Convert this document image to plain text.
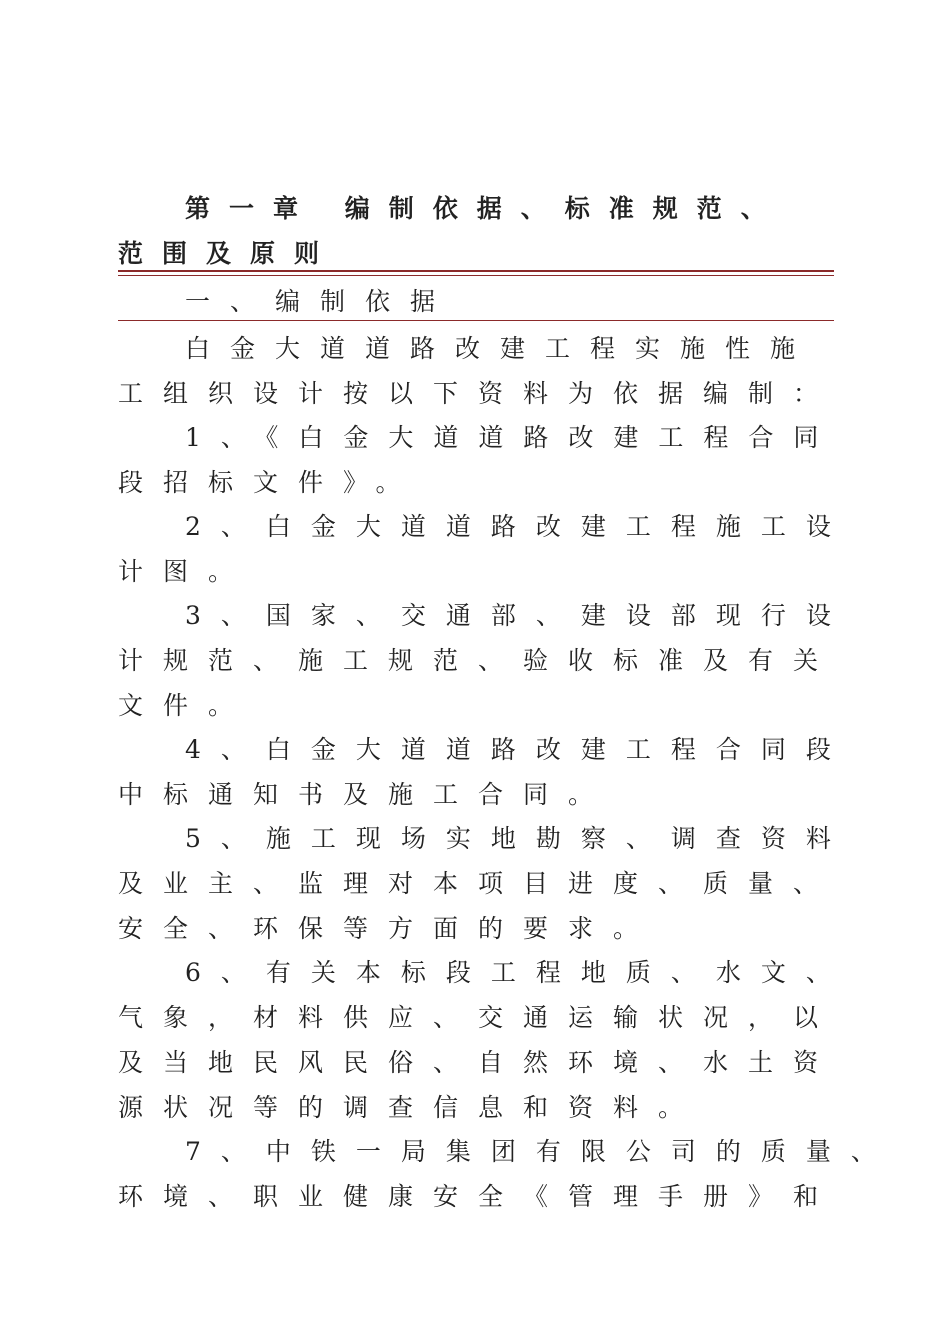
第一章 编制依据、标准规范、
范围及原则
一、编制依据
白金大道道路改建工程实施性施
工组织设计按以下资料为依据编制：
1、《白金大道道路改建工程合同
段招标文件》。
2、白金大道道路改建工程施工设
计图。
3、国家、交通部、建设部现行设
计规范、施工规范、验收标准及有关
文件。
4、白金大道道路改建工程合同段
中标通知书及施工合同。
5、施工现场实地勘察、调查资料
及业主、监理对本项目进度、质量、
安全、环保等方面的要求。
6、有关本标段工程地质、水文、
气象，材料供应、交通运输状况，以
及当地民风民俗、自然环境、水土资
源状况等的调查信息和资料。
7、中铁一局集团有限公司的质量、
环境、职业健康安全《管理手册》和
